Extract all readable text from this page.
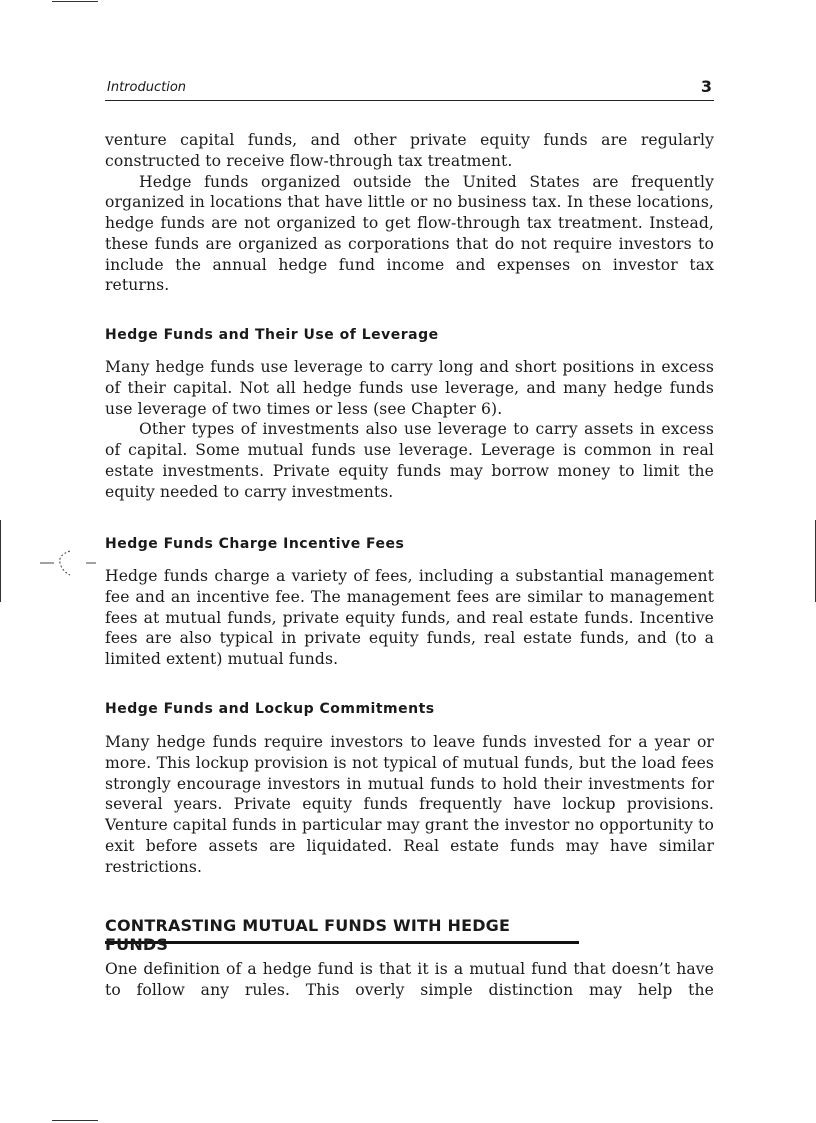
Introduction	3

venture capital funds, and other private equity funds are regularly constructed to receive flow-through tax treatment.

Hedge funds organized outside the United States are frequently organized in locations that have little or no business tax. In these locations, hedge funds are not organized to get flow-through tax treatment. Instead, these funds are organized as corporations that do not require investors to include the annual hedge fund income and expenses on investor tax returns.

Hedge Funds and Their Use of Leverage

Many hedge funds use leverage to carry long and short positions in excess of their capital. Not all hedge funds use leverage, and many hedge funds use leverage of two times or less (see Chapter 6).

Other types of investments also use leverage to carry assets in excess of capital. Some mutual funds use leverage. Leverage is common in real estate investments. Private equity funds may borrow money to limit the equity needed to carry investments.

Hedge Funds Charge Incentive Fees

Hedge funds charge a variety of fees, including a substantial management fee and an incentive fee. The management fees are similar to management fees at mutual funds, private equity funds, and real estate funds. Incentive fees are also typical in private equity funds, real estate funds, and (to a limited extent) mutual funds.

Hedge Funds and Lockup Commitments

Many hedge funds require investors to leave funds invested for a year or more. This lockup provision is not typical of mutual funds, but the load fees strongly encourage investors in mutual funds to hold their investments for several years. Private equity funds frequently have lockup provisions. Venture capital funds in particular may grant the investor no opportunity to exit before assets are liquidated. Real estate funds may have similar restrictions.

CONTRASTING MUTUAL FUNDS WITH HEDGE FUNDS

One definition of a hedge fund is that it is a mutual fund that doesn’t have to follow any rules. This overly simple distinction may help the
